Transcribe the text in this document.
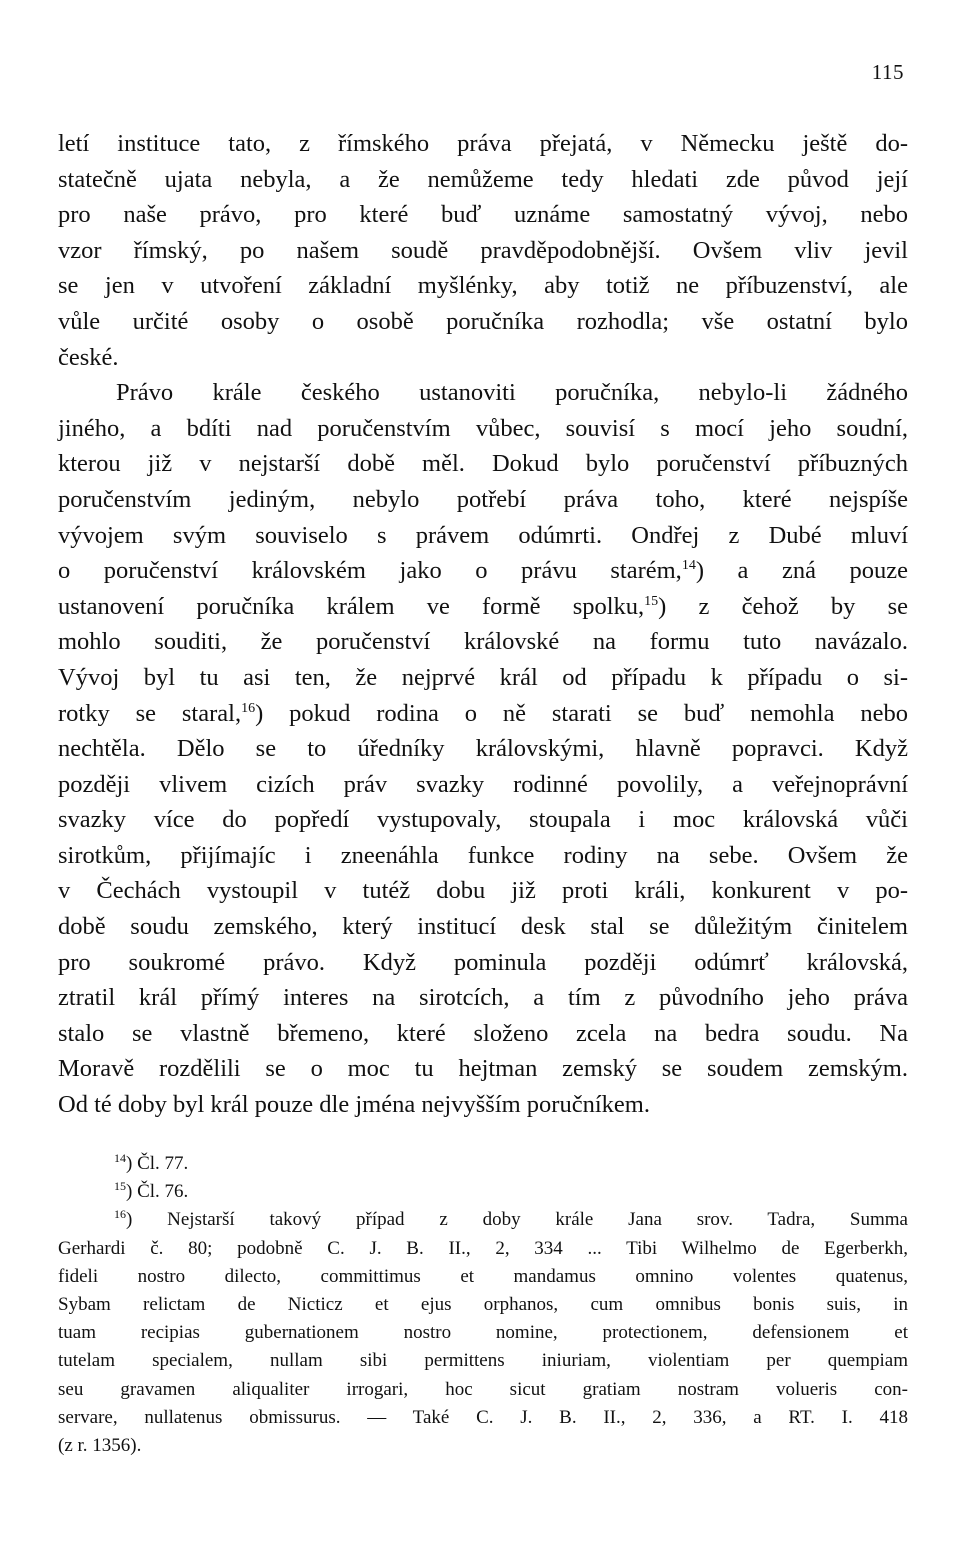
115
letí instituce tato, z římského práva přejatá, v Německu ještě do-
statečně ujata nebyla, a že nemůžeme tedy hledati zde původ její
pro naše právo, pro které buď uznáme samostatný vývoj, nebo
vzor římský, po našem soudě pravděpodobnější. Ovšem vliv jevil
se jen v utvoření základní myšlénky, aby totiž ne příbuzenství, ale
vůle určité osoby o osobě poručníka rozhodla; vše ostatní bylo
české.
Právo krále českého ustanoviti poručníka, nebylo-li žádného
jiného, a bdíti nad poručenstvím vůbec, souvisí s mocí jeho soudní,
kterou již v nejstarší době měl. Dokud bylo poručenství příbuzných
poručenstvím jediným, nebylo potřebí práva toho, které nejspíše
vývojem svým souviselo s právem odúmrti. Ondřej z Dubé mluví
o poručenství královském jako o právu starém,$^{14}$) a zná pouze
ustanovení poručníka králem ve formě spolku,$^{15}$) z čehož by se
mohlo souditi, že poručenství královské na formu tuto navázalo.
Vývoj byl tu asi ten, že nejprvé král od případu k případu o si-
rotky se staral,$^{16}$) pokud rodina o ně starati se buď nemohla nebo
nechtěla. Dělo se to úředníky královskými, hlavně popravci. Když
později vlivem cizích práv svazky rodinné povolily, a veřejnoprávní
svazky více do popředí vystupovaly, stoupala i moc královská vůči
sirotkům, přijímajíc i zneenáhla funkce rodiny na sebe. Ovšem že
v Čechách vystoupil v tutéž dobu již proti králi, konkurent v po-
době soudu zemského, který institucí desk stal se důležitým činitelem
pro soukromé právo. Když pominula později odúmrť královská,
ztratil král přímý interes na sirotcích, a tím z původního jeho práva
stalo se vlastně břemeno, které složeno zcela na bedra soudu. Na
Moravě rozdělili se o moc tu hejtman zemský se soudem zemským.
Od té doby byl král pouze dle jména nejvyšším poručníkem.
$^{14}$) Čl. 77.
$^{15}$) Čl. 76.
$^{16}$) Nejstarší takový případ z doby krále Jana srov. Tadra, Summa
Gerhardi č. 80; podobně C. J. B. II., 2, 334 ... Tibi Wilhelmo de Egerberkh,
fideli nostro dilecto, committimus et mandamus omnino volentes quatenus,
Sybam relictam de Nicticz et ejus orphanos, cum omnibus bonis suis, in
tuam recipias gubernationem nostro nomine, protectionem, defensionem et
tutelam specialem, nullam sibi permittens iniuriam, violentiam per quempiam
seu gravamen aliqualiter irrogari, hoc sicut gratiam nostram volueris con-
servare, nullatenus obmissurus. — Také C. J. B. II., 2, 336, a RT. I. 418
(z r. 1356).
